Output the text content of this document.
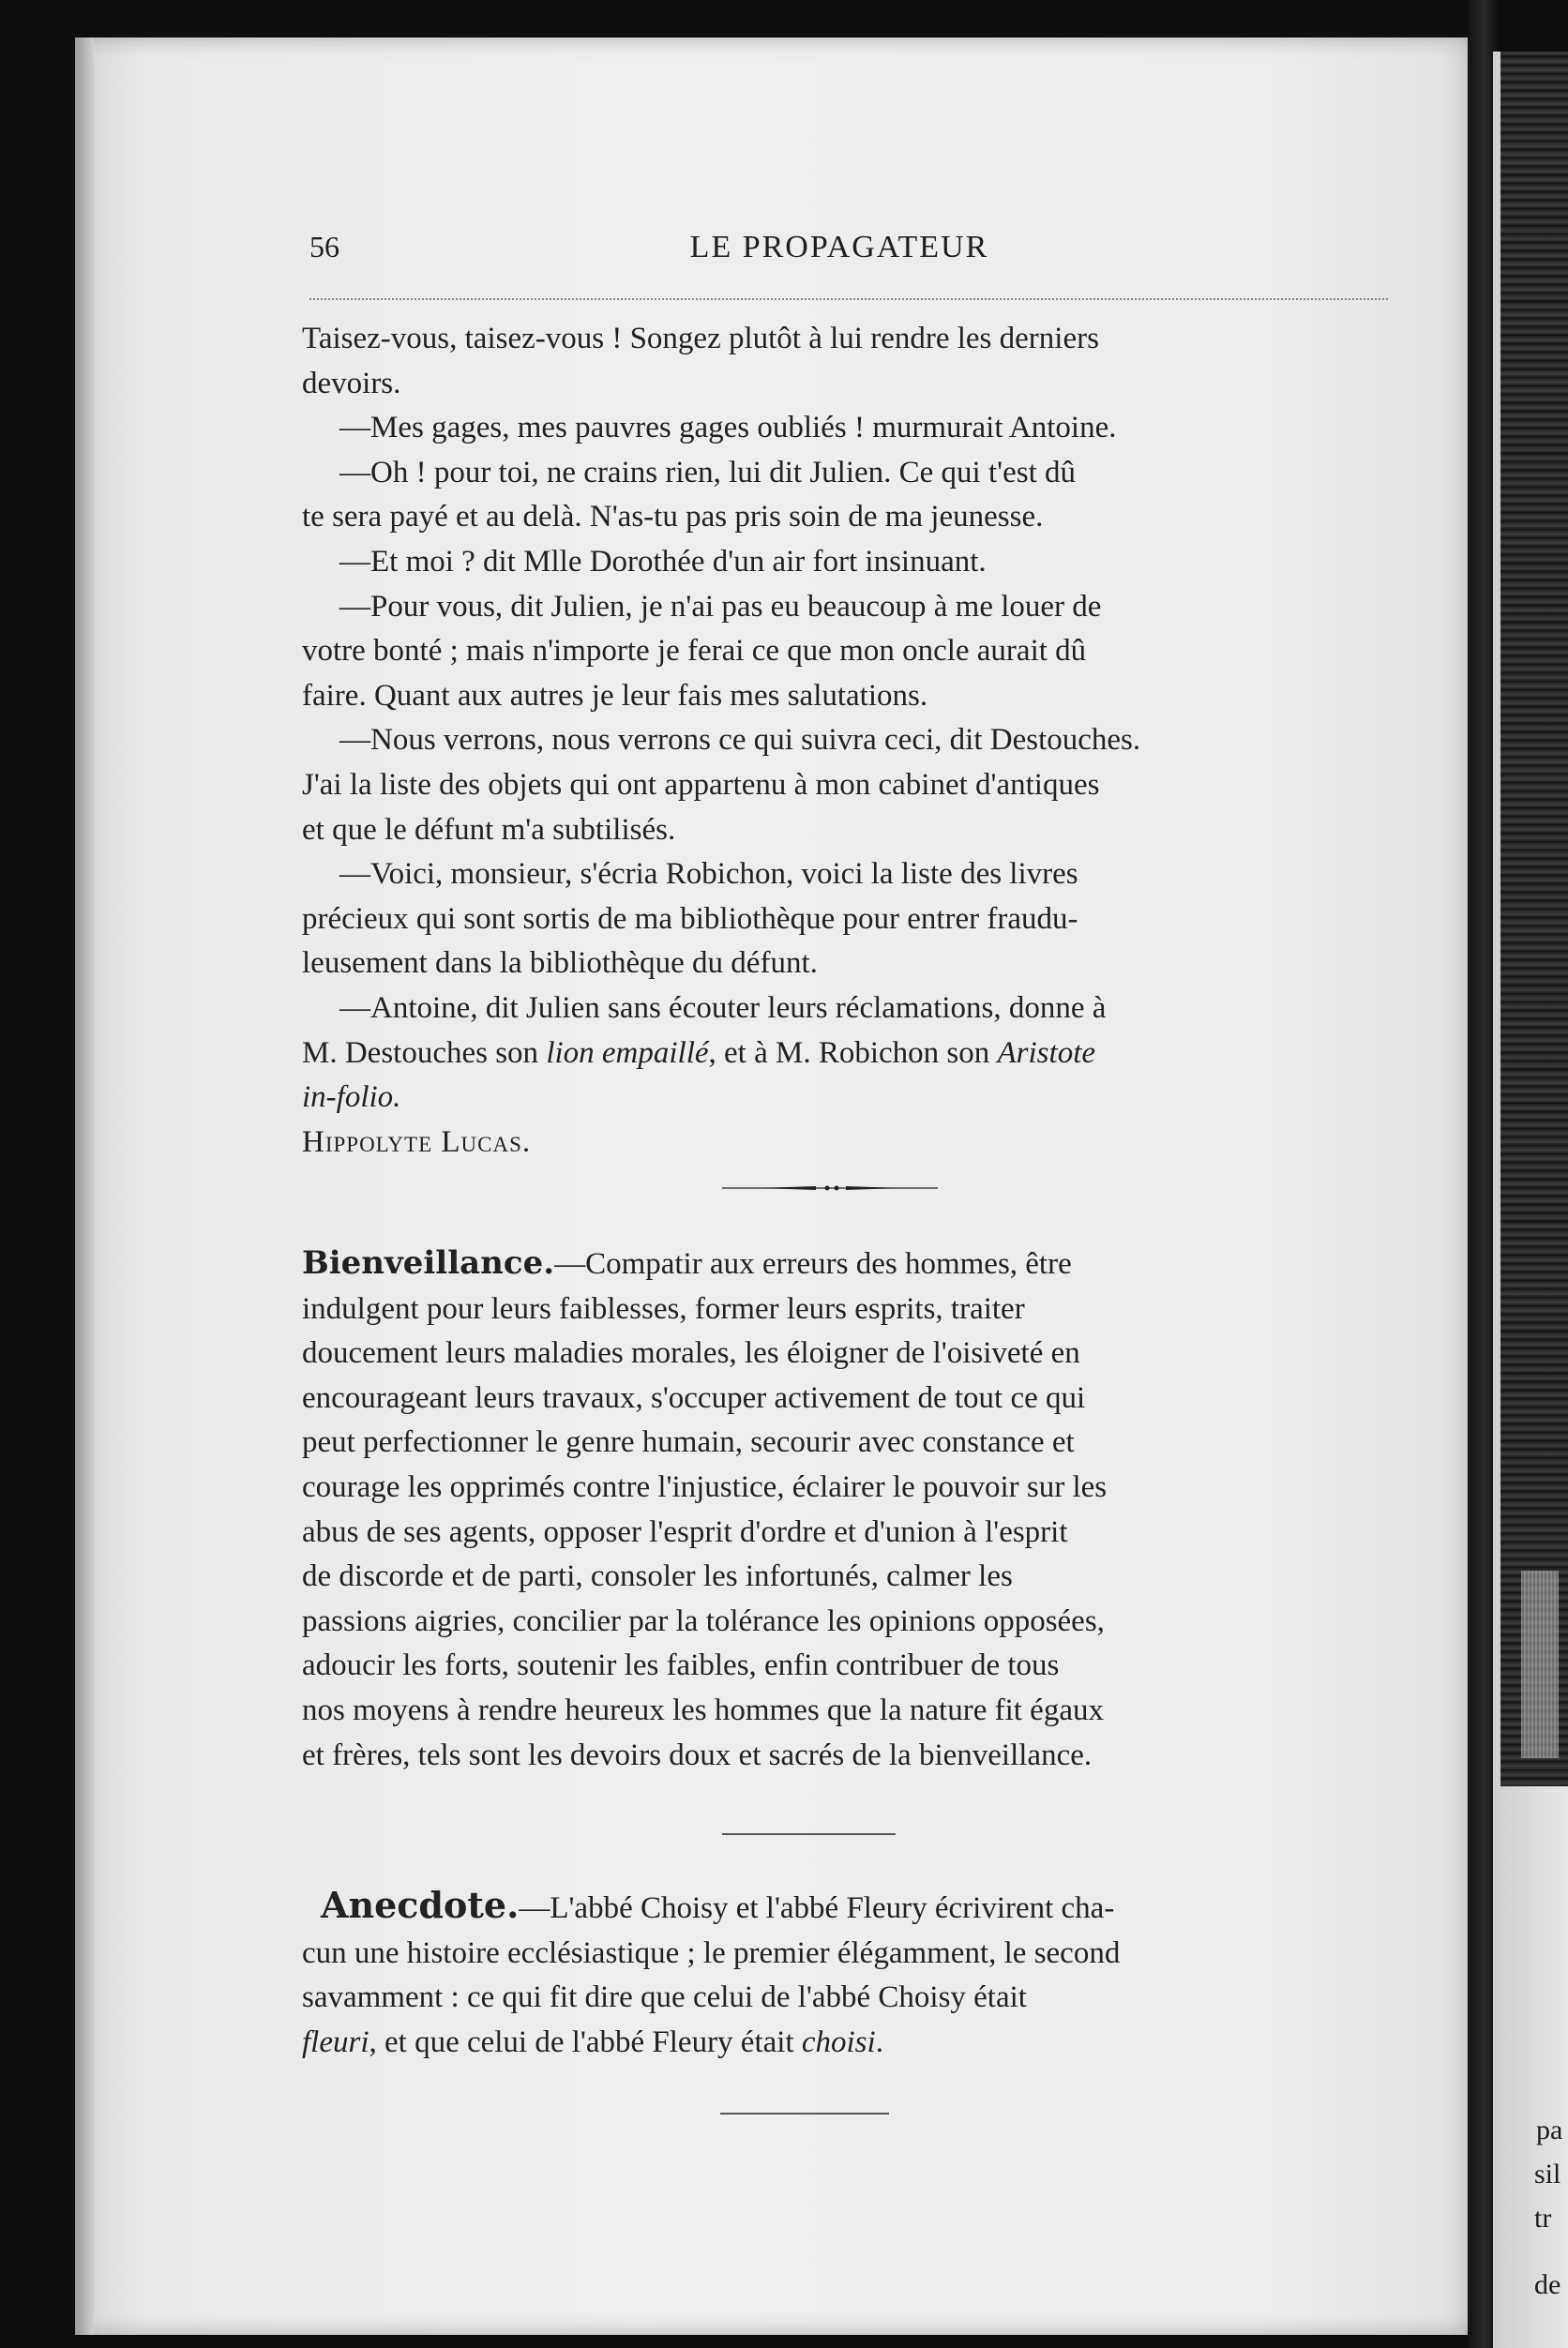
pa
sil
tr
de
56	LE PROPAGATEUR

Taisez-vous, taisez-vous ! Songez plutôt à lui rendre les derniers
devoirs.

—Mes gages, mes pauvres gages oubliés ! murmurait Antoine.

—Oh ! pour toi, ne crains rien, lui dit Julien. Ce qui t'est dû
te sera payé et au delà. N'as-tu pas pris soin de ma jeunesse.

—Et moi ? dit Mlle Dorothée d'un air fort insinuant.

—Pour vous, dit Julien, je n'ai pas eu beaucoup à me louer de
votre bonté ; mais n'importe je ferai ce que mon oncle aurait dû
faire. Quant aux autres je leur fais mes salutations.

—Nous verrons, nous verrons ce qui suivra ceci, dit Destouches.
J'ai la liste des objets qui ont appartenu à mon cabinet d'antiques
et que le défunt m'a subtilisés.

—Voici, monsieur, s'écria Robichon, voici la liste des livres
précieux qui sont sortis de ma bibliothèque pour entrer fraudu-
leusement dans la bibliothèque du défunt.

—Antoine, dit Julien sans écouter leurs réclamations, donne à
M. Destouches son lion empaillé, et à M. Robichon son Aristote
in-folio.

Hippolyte Lucas.

Bienveillance.—Compatir aux erreurs des hommes, être
indulgent pour leurs faiblesses, former leurs esprits, traiter
doucement leurs maladies morales, les éloigner de l'oisiveté en
encourageant leurs travaux, s'occuper activement de tout ce qui
peut perfectionner le genre humain, secourir avec constance et
courage les opprimés contre l'injustice, éclairer le pouvoir sur les
abus de ses agents, opposer l'esprit d'ordre et d'union à l'esprit
de discorde et de parti, consoler les infortunés, calmer les
passions aigries, concilier par la tolérance les opinions opposées,
adoucir les forts, soutenir les faibles, enfin contribuer de tous
nos moyens à rendre heureux les hommes que la nature fit égaux
et frères, tels sont les devoirs doux et sacrés de la bienveillance.

Anecdote.—L'abbé Choisy et l'abbé Fleury écrivirent cha-
cun une histoire ecclésiastique ; le premier élégamment, le second
savamment : ce qui fit dire que celui de l'abbé Choisy était
fleuri, et que celui de l'abbé Fleury était choisi.
